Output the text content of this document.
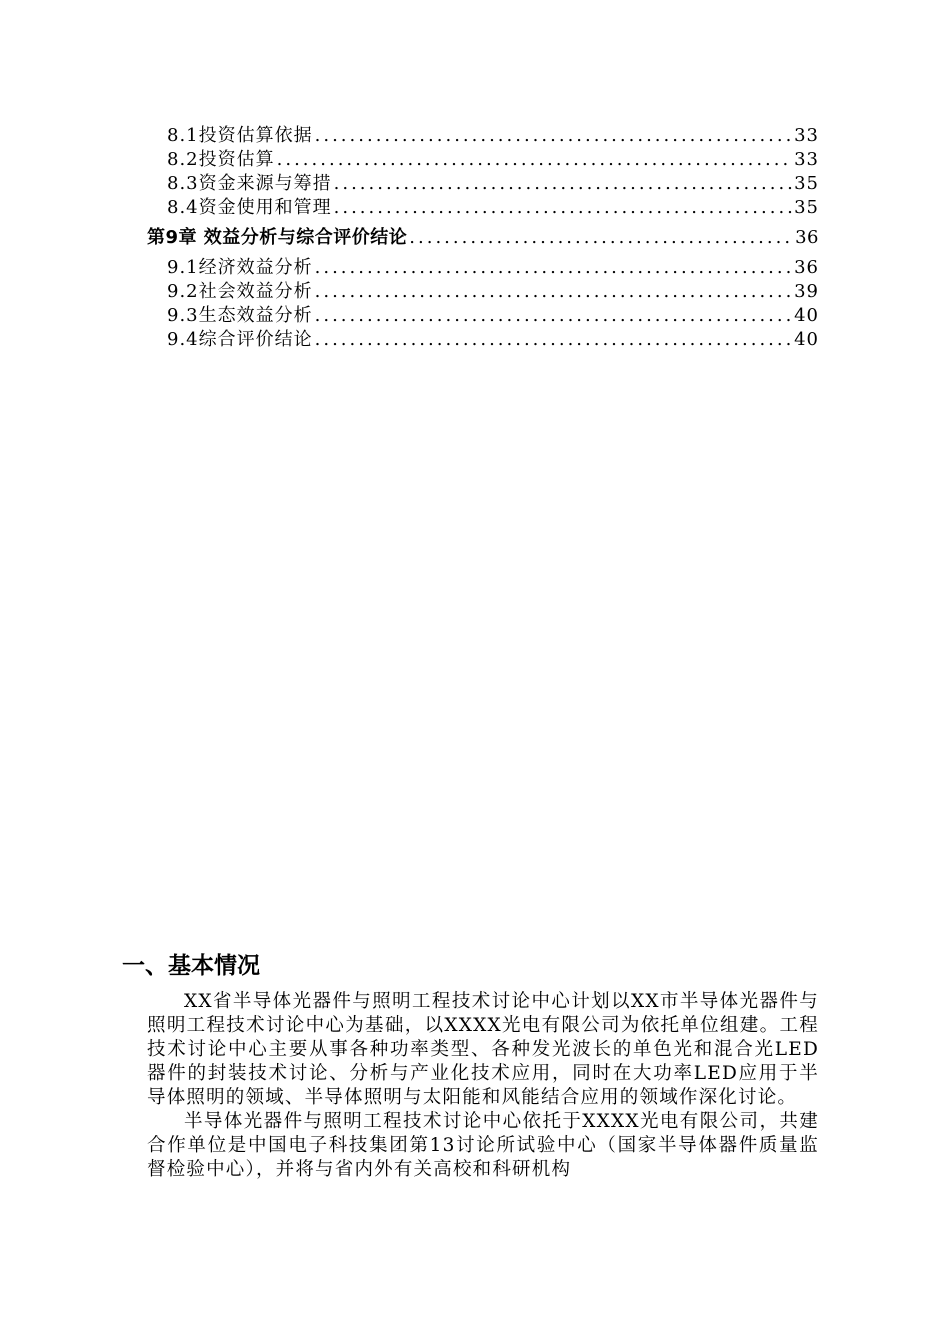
8.1投资估算依据 .....	33
8.2投资估算 .....	33
8.3资金来源与筹措 .....	35
8.4资金使用和管理 .....	35
第9章 效益分析与综合评价结论 .....	36
9.1经济效益分析 .....	36
9.2社会效益分析 .....	39
9.3生态效益分析 .....	40
9.4综合评价结论 .....	40
一、基本情况

XX省半导体光器件与照明工程技术讨论中心计划以XX市半导体光器件与照明工程技术讨论中心为基础，以XXXX光电有限公司为依托单位组建。工程技术讨论中心主要从事各种功率类型、各种发光波长的单色光和混合光LED器件的封装技术讨论、分析与产业化技术应用，同时在大功率LED应用于半导体照明的领域、半导体照明与太阳能和风能结合应用的领域作深化讨论。

半导体光器件与照明工程技术讨论中心依托于XXXX光电有限公司，共建合作单位是中国电子科技集团第13讨论所试验中心（国家半导体器件质量监督检验中心），并将与省内外有关高校和科研机构
